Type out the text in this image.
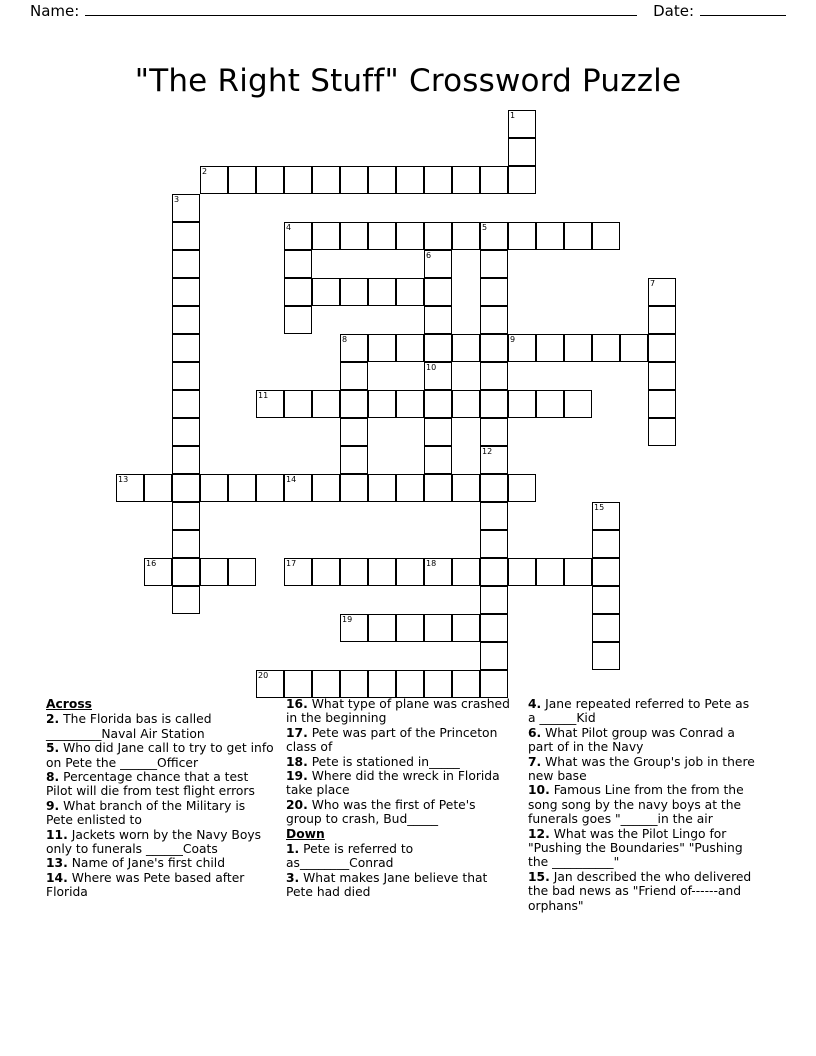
Name:	Date:
"The Right Stuff" Crossword Puzzle
1
2
3
4	5
6
7
8	9
10
11
12
13	14
15
16	17	18
19
20
Across
2. The Florida bas is called _________Naval Air Station
5. Who did Jane call to try to get info on Pete the ______Officer
8. Percentage chance that a test Pilot will die from test flight errors
9. What branch of the Military is Pete enlisted to
11. Jackets worn by the Navy Boys only to funerals ______Coats
13. Name of Jane's first child
14. Where was Pete based after Florida
16. What type of plane was crashed in the beginning
17. Pete was part of the Princeton class of
18. Pete is stationed in_____
19. Where did the wreck in Florida take place
20. Who was the first of Pete's group to crash, Bud_____
Down
1. Pete is referred to as________Conrad
3. What makes Jane believe that Pete had died
4. Jane repeated referred to Pete as a ______Kid
6. What Pilot group was Conrad a part of in the Navy
7. What was the Group's job in there new base
10. Famous Line from the from the song song by the navy boys at the funerals goes "______in the air
12. What was the Pilot Lingo for "Pushing the Boundaries" "Pushing the __________"
15. Jan described the who delivered the bad news as "Friend of------and orphans"
